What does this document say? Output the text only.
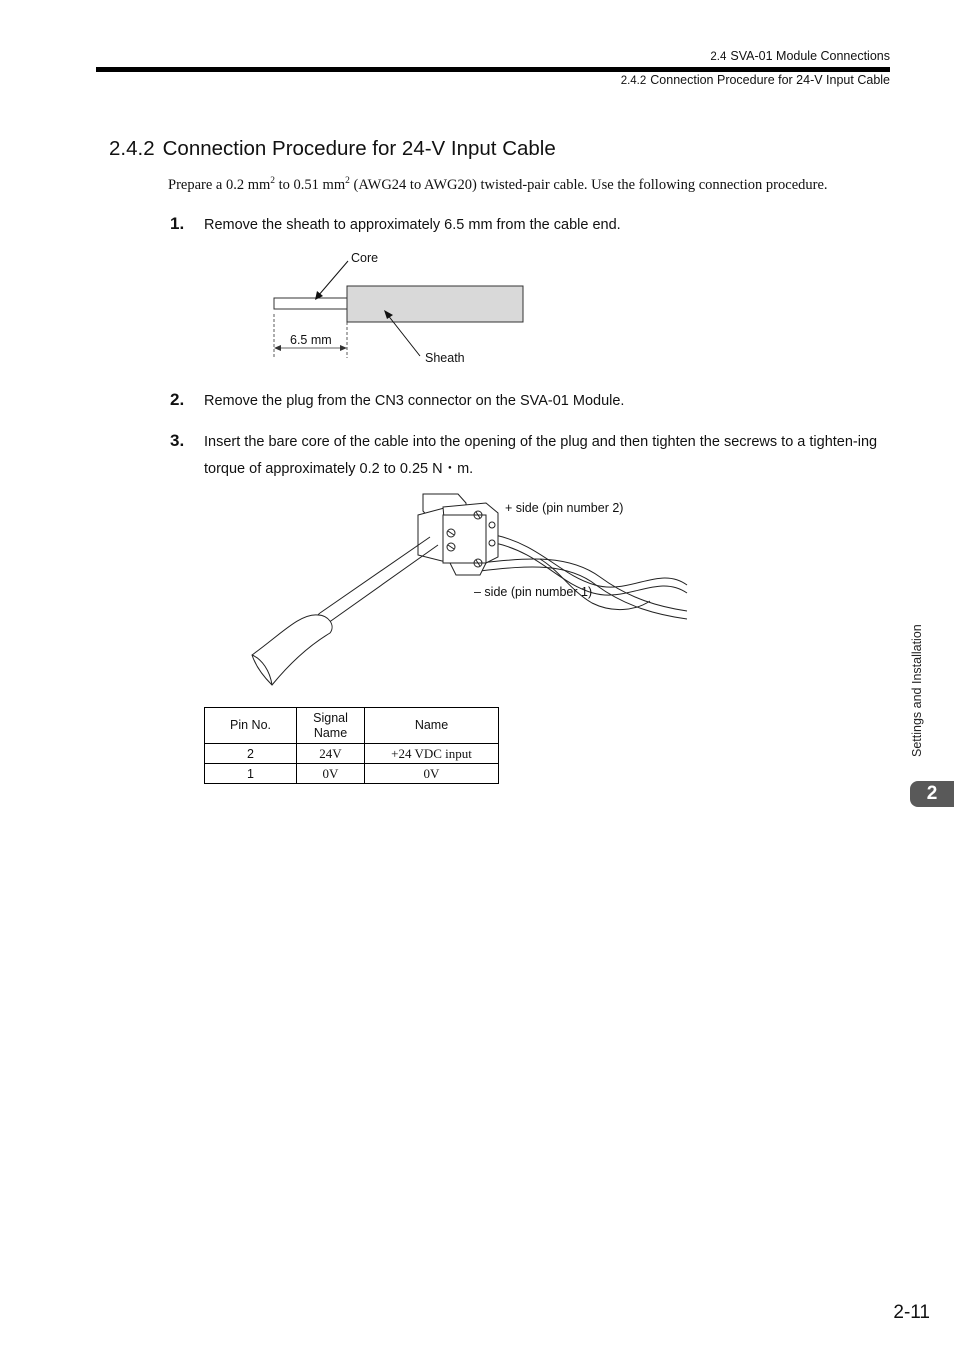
2.4 SVA-01 Module Connections
2.4.2 Connection Procedure for 24-V Input Cable
2.4.2 Connection Procedure for 24-V Input Cable
Prepare a 0.2 $mm^2$ to 0.51 $mm^2$ (AWG24 to AWG20) twisted-pair cable. Use the following connection procedure.
1. Remove the sheath to approximately 6.5 mm from the cable end.
Core
6.5 mm
Sheath
2. Remove the plug from the CN3 connector on the SVA-01 Module.
3. Insert the bare core of the cable into the opening of the plug and then tighten the secrews to a tighten-ing torque of approximately 0.2 to 0.25 N・m.
+ side (pin number 2)
– side (pin number 1)
Pin No.	Signal Name	Name
2	24V	+24 VDC input
1	0V	0V
Settings and Installation
2
2-11
